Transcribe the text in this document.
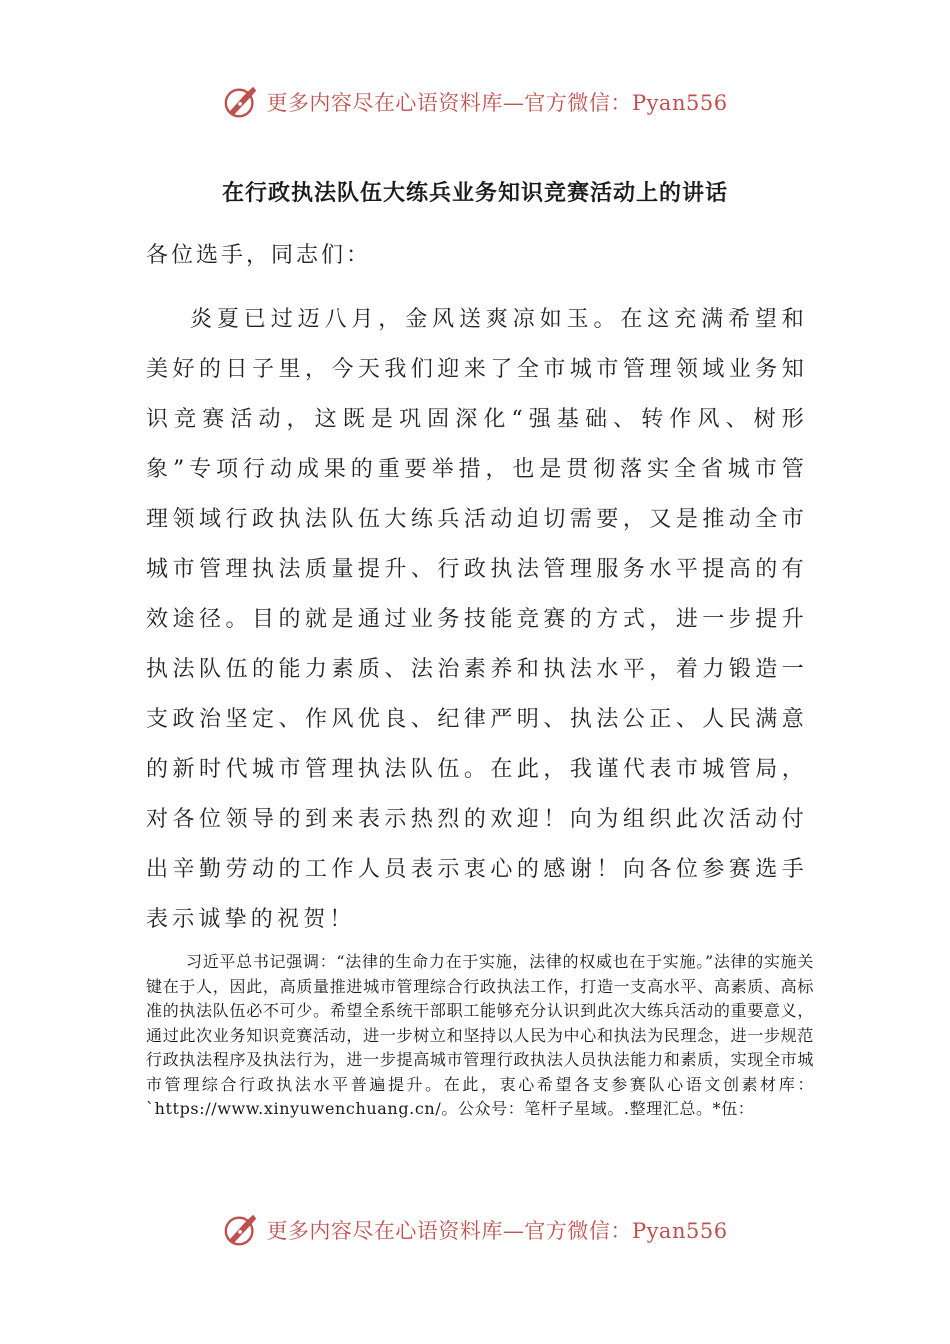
更多内容尽在心语资料库—官方微信：Pyan556
在行政执法队伍大练兵业务知识竞赛活动上的讲话
各位选手，同志们：

炎夏已过迈八月，金风送爽凉如玉。在这充满希望和美好的日子里，今天我们迎来了全市城市管理领域业务知识竞赛活动，这既是巩固深化“强基础、转作风、树形象”专项行动成果的重要举措，也是贯彻落实全省城市管理领域行政执法队伍大练兵活动迫切需要，又是推动全市城市管理执法质量提升、行政执法管理服务水平提高的有效途径。目的就是通过业务技能竞赛的方式，进一步提升执法队伍的能力素质、法治素养和执法水平，着力锻造一支政治坚定、作风优良、纪律严明、执法公正、人民满意的新时代城市管理执法队伍。在此，我谨代表市城管局，对各位领导的到来表示热烈的欢迎！向为组织此次活动付出辛勤劳动的工作人员表示衷心的感谢！向各位参赛选手表示诚挚的祝贺！

习近平总书记强调：“法律的生命力在于实施，法律的权威也在于实施。”法律的实施关键在于人，因此，高质量推进城市管理综合行政执法工作，打造一支高水平、高素质、高标准的执法队伍必不可少。希望全系统干部职工能够充分认识到此次大练兵活动的重要意义，通过此次业务知识竞赛活动，进一步树立和坚持以人民为中心和执法为民理念，进一步规范行政执法程序及执法行为，进一步提高城市管理行政执法人员执法能力和素质，实现全市城市管理综合行政执法水平普遍提升。在此，衷心希望各支参赛队心语文创素材库：`https://www.xinyuwenchuang.cn/。公众号：笔杆子星域。.整理汇总。*伍：

更多内容尽在心语资料库—官方微信：Pyan556
